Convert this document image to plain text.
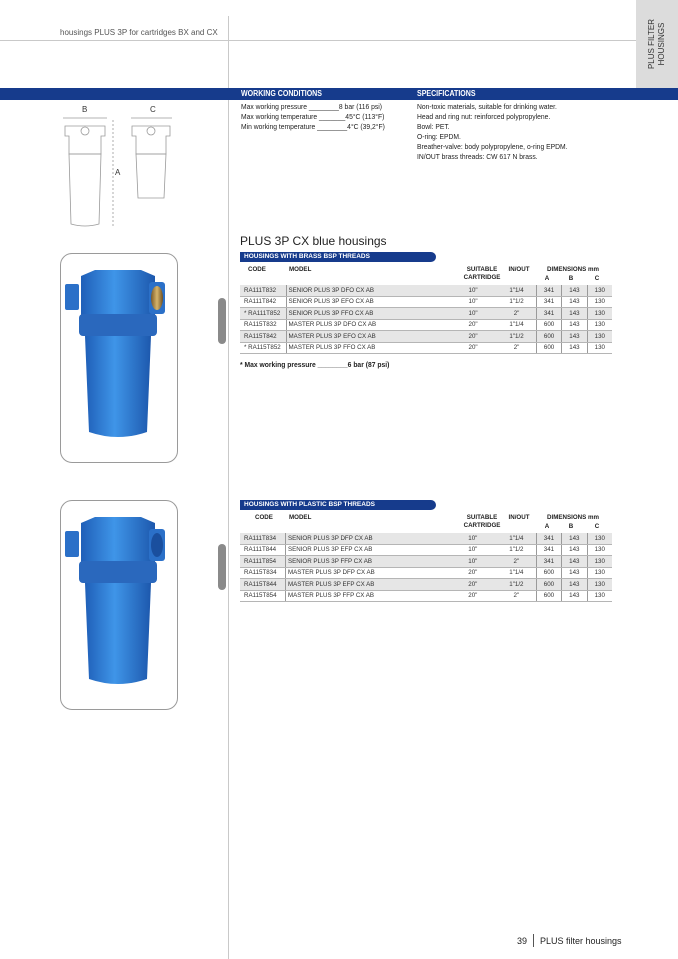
housings PLUS 3P for cartridges BX and CX	PLUS FILTER HOUSINGS
WORKING CONDITIONS	SPECIFICATIONS
Max working pressure ________8 bar (116 psi)
Max working temperature _______45°C (113°F)
Min working temperature ________4°C (39,2°F)
Non-toxic materials, suitable for drinking water.
Head and ring nut: reinforced polypropylene.
Bowl: PET.
O-ring: EPDM.
Breather-valve: body polypropylene, o-ring EPDM.
IN/OUT brass threads: CW 617 N brass.
B	C
A
PLUS 3P CX blue housings
HOUSINGS WITH BRASS BSP THREADS
CODE	MODEL	SUITABLE
CARTRIDGE
IN/OUT	DIMENSIONS mm
A	B	C
RA111T832	SENIOR PLUS 3P DFO CX AB	10"	1"1/4	341	143	130
RA111T842	SENIOR PLUS 3P EFO CX AB	10"	1"1/2	341	143	130
* RA111T852	SENIOR PLUS 3P FFO CX AB	10"	2"	341	143	130
RA115T832	MASTER PLUS 3P DFO CX AB	20"	1"1/4	600	143	130
RA115T842	MASTER PLUS 3P EFO CX AB	20"	1"1/2	600	143	130
* RA115T852	MASTER PLUS 3P FFO CX AB	20"	2"	600	143	130
* Max working pressure ________6 bar (87 psi)
HOUSINGS WITH PLASTIC BSP THREADS
CODE	MODEL	SUITABLE
CARTRIDGE
IN/OUT	DIMENSIONS mm
A	B	C
RA111T834	SENIOR PLUS 3P DFP CX AB	10"	1"1/4	341	143	130
RA111T844	SENIOR PLUS 3P EFP CX AB	10"	1"1/2	341	143	130
RA111T854	SENIOR PLUS 3P FFP CX AB	10"	2"	341	143	130
RA115T834	MASTER PLUS 3P DFP CX AB	20"	1"1/4	600	143	130
RA115T844	MASTER PLUS 3P EFP CX AB	20"	1"1/2	600	143	130
RA115T854	MASTER PLUS 3P FFP CX AB	20"	2"	600	143	130
39 PLUS filter housings
